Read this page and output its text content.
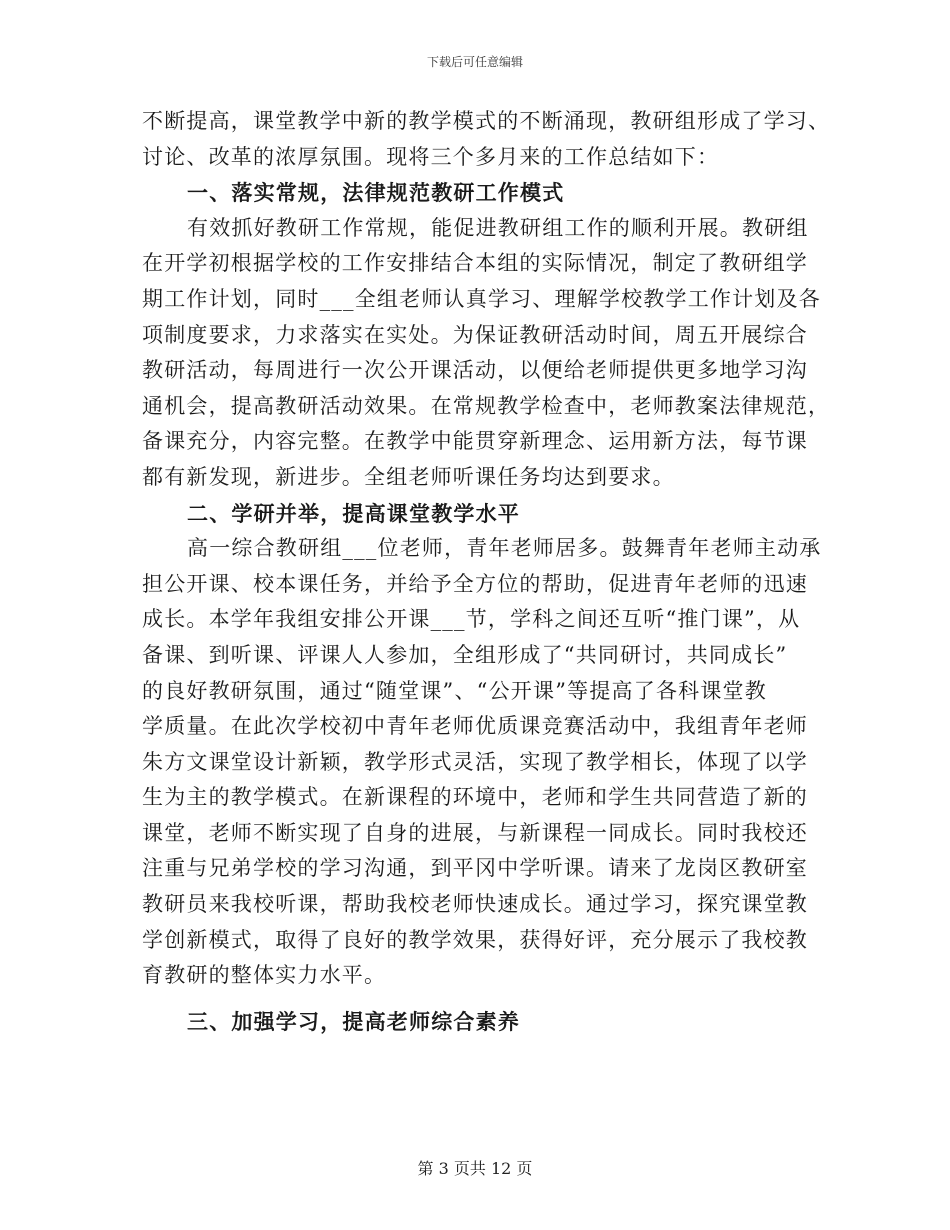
下载后可任意编辑
不断提高，课堂教学中新的教学模式的不断涌现，教研组形成了学习、
讨论、改革的浓厚氛围。现将三个多月来的工作总结如下：
一、落实常规，法律规范教研工作模式
有效抓好教研工作常规，能促进教研组工作的顺利开展。教研组
在开学初根据学校的工作安排结合本组的实际情况，制定了教研组学
期工作计划，同时___全组老师认真学习、理解学校教学工作计划及各
项制度要求，力求落实在实处。为保证教研活动时间，周五开展综合
教研活动，每周进行一次公开课活动，以便给老师提供更多地学习沟
通机会，提高教研活动效果。在常规教学检查中，老师教案法律规范，
备课充分，内容完整。在教学中能贯穿新理念、运用新方法，每节课
都有新发现，新进步。全组老师听课任务均达到要求。
二、学研并举，提高课堂教学水平
高一综合教研组___位老师，青年老师居多。鼓舞青年老师主动承
担公开课、校本课任务，并给予全方位的帮助，促进青年老师的迅速
成长。本学年我组安排公开课___节，学科之间还互听“推门课”，从
备课、到听课、评课人人参加，全组形成了“共同研讨，共同成长”
的良好教研氛围，通过“随堂课”、“公开课”等提高了各科课堂教
学质量。在此次学校初中青年老师优质课竞赛活动中，我组青年老师
朱方文课堂设计新颖，教学形式灵活，实现了教学相长，体现了以学
生为主的教学模式。在新课程的环境中，老师和学生共同营造了新的
课堂，老师不断实现了自身的进展，与新课程一同成长。同时我校还
注重与兄弟学校的学习沟通，到平冈中学听课。请来了龙岗区教研室
教研员来我校听课，帮助我校老师快速成长。通过学习，探究课堂教
学创新模式，取得了良好的教学效果，获得好评，充分展示了我校教
育教研的整体实力水平。
三、加强学习，提高老师综合素养
第 3 页共 12 页
